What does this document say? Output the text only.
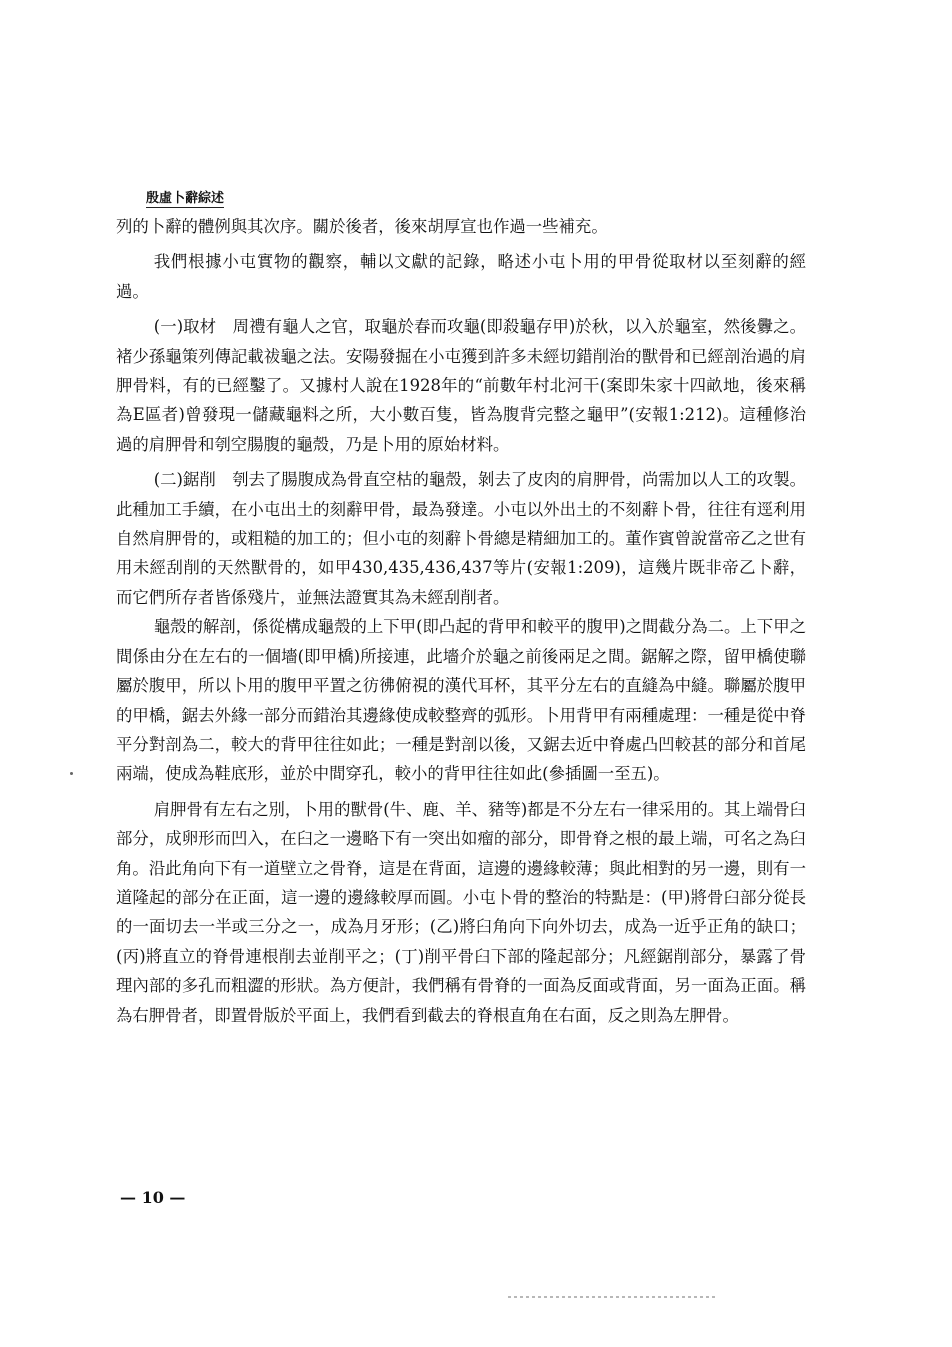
殷虛卜辭綜述

列的卜辭的體例與其次序。關於後者，後來胡厚宣也作過一些補充。

我們根據小屯實物的觀察，輔以文獻的記錄，略述小屯卜用的甲骨從取材以至刻辭的經過。

(一)取材　周禮有龜人之官，取龜於春而攻龜(即殺龜存甲)於秋，以入於龜室，然後釁之。褚少孫龜策列傳記載祓龜之法。安陽發掘在小屯獲到許多未經切錯削治的獸骨和已經剖治過的肩胛骨料，有的已經鑿了。又據村人說在1928年的“前數年村北河干(案即朱家十四畝地，後來稱為E區者)曾發現一儲藏龜料之所，大小數百隻，皆為腹背完整之龜甲”(安報1:212)。這種修治過的肩胛骨和刳空腸腹的龜殼，乃是卜用的原始材料。

(二)鋸削　刳去了腸腹成為骨直空枯的龜殼，剝去了皮肉的肩胛骨，尚需加以人工的攻製。此種加工手續，在小屯出土的刻辭甲骨，最為發達。小屯以外出土的不刻辭卜骨，往往有逕利用自然肩胛骨的，或粗糙的加工的；但小屯的刻辭卜骨總是精細加工的。董作賓曾說當帝乙之世有用未經刮削的天然獸骨的，如甲430,435,436,437等片(安報1:209)，這幾片既非帝乙卜辭，而它們所存者皆係殘片，並無法證實其為未經刮削者。

龜殼的解剖，係從構成龜殼的上下甲(即凸起的背甲和較平的腹甲)之間截分為二。上下甲之間係由分在左右的一個墻(即甲橋)所接連，此墻介於龜之前後兩足之間。鋸解之際，留甲橋使聯屬於腹甲，所以卜用的腹甲平置之彷彿俯視的漢代耳杯，其平分左右的直縫為中縫。聯屬於腹甲的甲橋，鋸去外緣一部分而錯治其邊緣使成較整齊的弧形。卜用背甲有兩種處理：一種是從中脊平分對剖為二，較大的背甲往往如此；一種是對剖以後，又鋸去近中脊處凸凹較甚的部分和首尾兩端，使成為鞋底形，並於中間穿孔，較小的背甲往往如此(參插圖一至五)。

肩胛骨有左右之別，卜用的獸骨(牛、鹿、羊、豬等)都是不分左右一律采用的。其上端骨臼部分，成卵形而凹入，在臼之一邊略下有一突出如瘤的部分，即骨脊之根的最上端，可名之為臼角。沿此角向下有一道壁立之骨脊，這是在背面，這邊的邊緣較薄；與此相對的另一邊，則有一道隆起的部分在正面，這一邊的邊緣較厚而圓。小屯卜骨的整治的特點是：(甲)將骨臼部分從長的一面切去一半或三分之一，成為月牙形；(乙)將臼角向下向外切去，成為一近乎正角的缺口；(丙)將直立的脊骨連根削去並削平之；(丁)削平骨臼下部的隆起部分；凡經鋸削部分，暴露了骨理內部的多孔而粗澀的形狀。為方便計，我們稱有骨脊的一面為反面或背面，另一面為正面。稱為右胛骨者，即置骨版於平面上，我們看到截去的脊根直角在右面，反之則為左胛骨。

— 10 —
